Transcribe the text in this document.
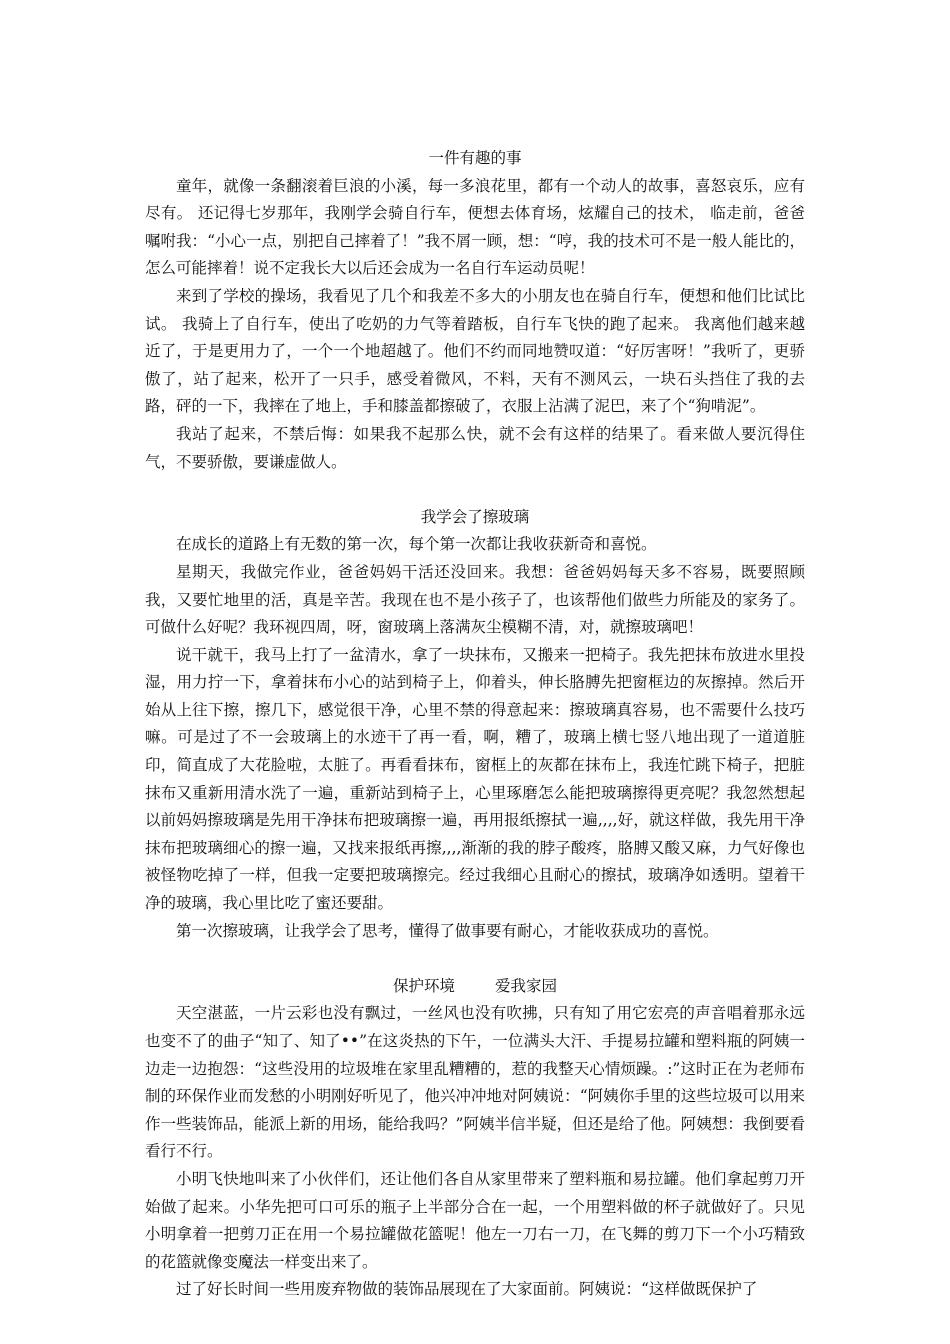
一件有趣的事

童年，就像一条翻滚着巨浪的小溪，每一多浪花里，都有一个动人的故事，喜怒哀乐，应有尽有。 还记得七岁那年，我刚学会骑自行车，便想去体育场，炫耀自己的技术， 临走前，爸爸嘱咐我：“小心一点，别把自己摔着了！”我不屑一顾，想：“哼，我的技术可不是一般人能比的，怎么可能摔着！说不定我长大以后还会成为一名自行车运动员呢！

来到了学校的操场，我看见了几个和我差不多大的小朋友也在骑自行车，便想和他们比试比试。 我骑上了自行车，使出了吃奶的力气等着踏板，自行车飞快的跑了起来。 我离他们越来越近了，于是更用力了，一个一个地超越了。他们不约而同地赞叹道：“好厉害呀！”我听了，更骄傲了，站了起来，松开了一只手，感受着微风，不料，天有不测风云，一块石头挡住了我的去路，砰的一下，我摔在了地上，手和膝盖都擦破了，衣服上沾满了泥巴，来了个“狗啃泥”。

我站了起来，不禁后悔：如果我不起那么快，就不会有这样的结果了。看来做人要沉得住气，不要骄傲，要谦虚做人。

我学会了擦玻璃

在成长的道路上有无数的第一次，每个第一次都让我收获新奇和喜悦。

星期天，我做完作业，爸爸妈妈干活还没回来。我想：爸爸妈妈每天多不容易，既要照顾我，又要忙地里的活，真是辛苦。我现在也不是小孩子了，也该帮他们做些力所能及的家务了。可做什么好呢？我环视四周，呀，窗玻璃上落满灰尘模糊不清，对，就擦玻璃吧！

说干就干，我马上打了一盆清水，拿了一块抹布，又搬来一把椅子。我先把抹布放进水里投湿，用力拧一下，拿着抹布小心的站到椅子上，仰着头，伸长胳膊先把窗框边的灰擦掉。然后开始从上往下擦，擦几下，感觉很干净，心里不禁的得意起来：擦玻璃真容易，也不需要什么技巧嘛。可是过了不一会玻璃上的水迹干了再一看，啊，糟了，玻璃上横七竖八地出现了一道道脏印，简直成了大花脸啦，太脏了。再看看抹布，窗框上的灰都在抹布上，我连忙跳下椅子，把脏抹布又重新用清水洗了一遍，重新站到椅子上，心里琢磨怎么能把玻璃擦得更亮呢？我忽然想起以前妈妈擦玻璃是先用干净抹布把玻璃擦一遍，再用报纸擦拭一遍,,,,好，就这样做，我先用干净抹布把玻璃细心的擦一遍，又找来报纸再擦,,,,渐渐的我的脖子酸疼，胳膊又酸又麻，力气好像也被怪物吃掉了一样，但我一定要把玻璃擦完。经过我细心且耐心的擦拭，玻璃净如透明。望着干净的玻璃，我心里比吃了蜜还要甜。

第一次擦玻璃，让我学会了思考，懂得了做事要有耐心，才能收获成功的喜悦。

保护环境	爱我家园

天空湛蓝，一片云彩也没有飘过，一丝风也没有吹拂，只有知了用它宏亮的声音唱着那永远也变不了的曲子“知了、知了••”在这炎热的下午，一位满头大汗、手提易拉罐和塑料瓶的阿姨一边走一边抱怨：“这些没用的垃圾堆在家里乱糟糟的，惹的我整天心情烦躁。:”这时正在为老师布制的环保作业而发愁的小明刚好听见了，他兴冲冲地对阿姨说：“阿姨你手里的这些垃圾可以用来作一些装饰品，能派上新的用场，能给我吗？”阿姨半信半疑，但还是给了他。阿姨想：我倒要看看行不行。

小明飞快地叫来了小伙伴们，还让他们各自从家里带来了塑料瓶和易拉罐。他们拿起剪刀开始做了起来。小华先把可口可乐的瓶子上半部分合在一起，一个用塑料做的杯子就做好了。只见小明拿着一把剪刀正在用一个易拉罐做花篮呢！他左一刀右一刀，在飞舞的剪刀下一个小巧精致的花篮就像变魔法一样变出来了。

过了好长时间一些用废弃物做的装饰品展现在了大家面前。阿姨说：“这样做既保护了
